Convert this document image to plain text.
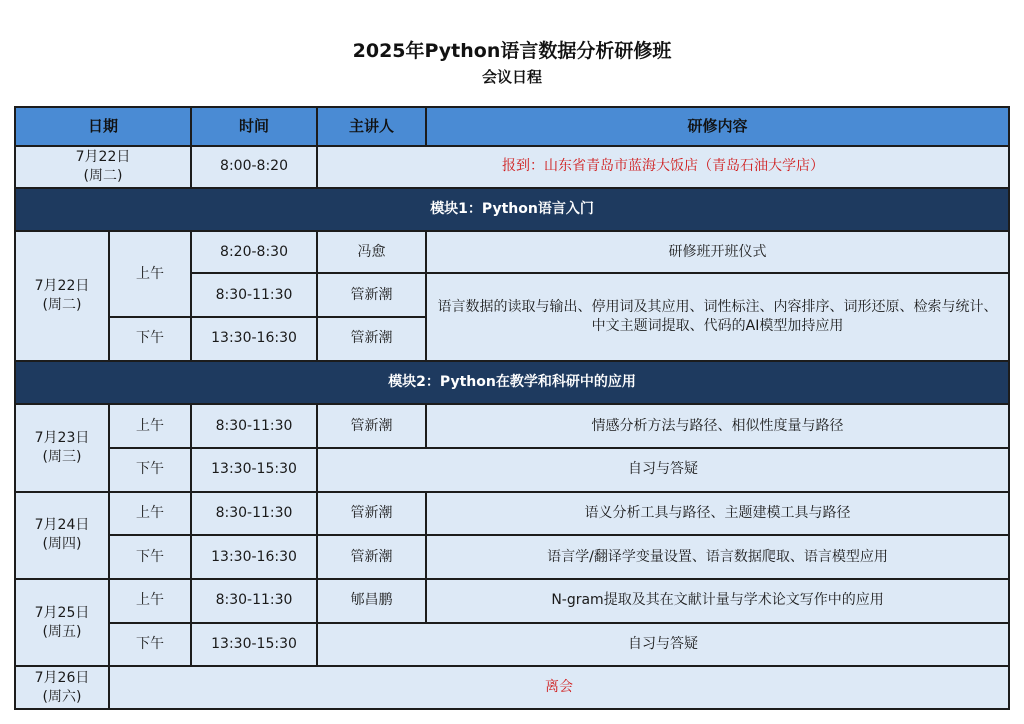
2025年Python语言数据分析研修班
会议日程
日期		时间	主讲人	研修内容

7月22日
(周二)		8:00-8:20	报到：山东省青岛市蓝海大饭店（青岛石油大学店）	
模块1：Python语言入门				

7月22日
(周二)	上午	8:20-8:30	冯愈	研修班开班仪式
		8:30-11:30	管新潮	语言数据的读取与输出、停用词及其应用、词性标注、内容排序、词形还原、检索与统计、中文主题词提取、代码的AI模型加持应用
	下午	13:30-16:30	管新潮	
模块2：Python在教学和科研中的应用				

7月23日
(周三)	上午	8:30-11:30	管新潮	情感分析方法与路径、相似性度量与路径
	下午	13:30-15:30	自习与答疑	

7月24日
(周四)	上午	8:30-11:30	管新潮	语义分析工具与路径、主题建模工具与路径
	下午	13:30-16:30	管新潮	语言学/翻译学变量设置、语言数据爬取、语言模型应用

7月25日
(周五)	上午	8:30-11:30	郇昌鹏	N-gram提取及其在文献计量与学术论文写作中的应用
	下午	13:30-15:30	自习与答疑	

7月26日
(周六)	离会			
